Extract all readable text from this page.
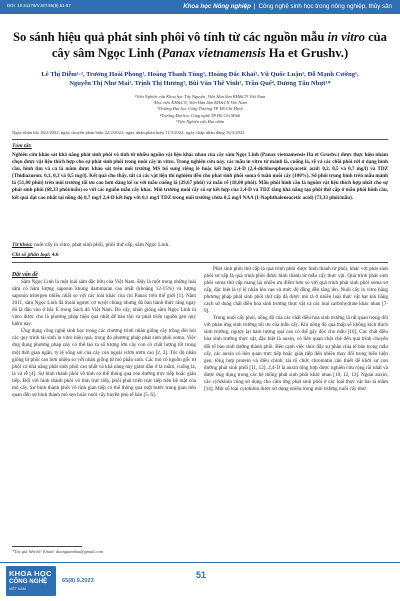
DOI: 10.31276/VJST.65(8).51-57	Khoa học Nông nghiệp | Công nghệ sinh học trong nông nghiệp, thủy sản
So sánh hiệu quả phát sinh phôi vô tính từ các nguồn mẫu in vitro của cây sâm Ngọc Linh (Panax vietnamensis Ha et Grushv.)
Lê Thị Diễm¹·², Trương Hoài Phong¹, Hoàng Thanh Tùng¹, Hoàng Đắc Khải¹, Vũ Quốc Luận¹, Đỗ Mạnh Cường¹,
Nguyễn Thị Như Mai¹, Trịnh Thị Hương¹, Bùi Văn Thế Vinh³, Trần Quế⁴, Dương Tấn Nhựt¹*
¹Viện Nghiên cứu Khoa học Tây Nguyên, Viện Hàn lâm KH&CN Việt Nam
²Học viện KH&CN, Viện Hàn lâm KH&CN Việt Nam
³Trường Đại học Công Thương TP Hồ Chí Minh
⁴Trường Đại học Công nghệ TP Hồ Chí Minh
⁵Viện Nghiên cứu Hạt nhân
Ngày nhận bài 18/2/2022; ngày chuyển phản biện 22/2/2022; ngày nhận phản biện 11/3/2022; ngày chấp nhận đăng 16/3/2022
Tóm tắt:
Nghiên cứu khảo sát khả năng phát sinh phôi vô tính từ nhiều nguồn vật liệu khác nhau của cây sâm Ngọc Linh (Panax vietnamensis Ha et Grushv.) được thực hiện nhằm chọn được vật liệu thích hợp cho sự phát sinh phôi trong nuôi cấy in vitro. Trong nghiên cứu này, các mẫu in vitro từ mảnh lá, cuống lá, rễ và các chồi phôi rời ở dạng hình cầu, hình tim và cả lá mầm được khảo sát trên môi trường MS bổ sung riêng lẻ hoặc kết hợp 2,4-D (2,4-dichlorophenoxyacetic acid: 0,2, 0,5 và 0,7 mg/l) và TDZ (Thidiazuron: 0,1, 0,3 và 0,5 mg/l). Kết quả cho thấy, tất cả các vật liệu thí nghiệm đều cho phát sinh phôi soma 6 tuần nuôi cấy (100%). Số phôi trung bình trên mẫu mảnh lá (51,00 phôi) trên môi trường tối ưu cao hơn đáng kể so với mẫu cuống lá (29,67 phôi) và mẫu rễ (18,00 phôi). Mẫu phôi hình cầu là nguồn vật liệu thích hợp nhất cho sự phát sinh phôi (68,33 phôi/mẫu) so với các nguồn mẫu cấy khác. Môi trường nuôi cấy có sự kết hợp của 2,4-D và TDZ tăng khả năng tạo phôi thứ cấp ở mẫu phôi hình cầu, kết quả đạt cao nhất tại nồng độ 0,7 mg/l 2,4-D kết hợp với 0,1 mg/l TDZ trong môi trường chứa 0,5 mg/l NAA (1-Naphthaleneacetic acid) (73,33 phôi/mẫu).
Từ khóa: nuôi cấy in vitro, phát sinh phôi, phôi thứ cấp, sâm Ngọc Linh.
Chỉ số phân loại: 4.6

Đặt vấn đề

Sâm Ngọc Linh là một loài sâm đặc hữu của Việt Nam. Đây là một trong những loài sâm có hàm lượng saponin khung dammaran cao nhất (khoảng 12-15%) và lượng saponin triterpen nhiều nhất so với các loài khác của chi Panax trên thế giới [1]. Năm 2011, sâm Ngọc Linh đã thoái ngược cơ tuyệt chủng nhưng đã ban hành thức rằng ngày đó là đầu vào ở bắc E trong Sách đỏ Việt Nam. Do vậy, nhân giống sâm Ngọc Linh in vitro được cho là phương pháp hiệu quả nhất để bảo tồn và phát triển nguồn gen quý hiếm này.

Ứng dụng công nghệ sinh học trong các chương trình nhân giống cây trồng đòi hỏi các quy trình tái sinh in vitro hiệu quả, trong đó phương pháp phát sinh phôi soma. Việc ứng dụng phương pháp này có thể tạo ra số lượng lớn cây con có chất lượng tốt trong một thời gian ngắn, tỷ lệ sống sót của cây con ngoài vườn ươm cao [2, 3]. Tốc độ nhân giống từ phôi cao hơn nhiều so với nhân giống từ mô phân sinh. Các mô có nguồn gốc từ phôi có khả năng phát sinh phôi cao nhất và khả năng này giảm dần ở lá mầm, cuống lá, lá và rễ [4]. Sự hình thành phôi vô tính có thể thông qua con đường trực tiếp hoặc gián tiếp. Đối với hình thành phôi vô tính trực tiếp, phôi phát triển trực tiếp trên bề mặt của mô cấy. Sự hình thành phôi vô tính gián tiếp có thể thông qua một bước trung gian liên quan đến sự hình thành mô sẹo hoặc nuôi cấy huyền phù tế bào [5, 6].

Phát sinh phôi thứ cấp là quá trình phôi được hình thành từ phôi, khác với phát sinh phôi sơ cấp là quá trình phôi được hình thành từ mẫu cấy thực vật. Quá trình phát sinh phôi soma thứ cấp mang lại nhiều ưu điểm hơn so với quá trình phát sinh phôi soma sơ cấp, đặc biệt là tỷ lệ nhân lên cao và mức độ đồng đều tăng lên. Nuôi cấy in vitro bằng phương pháp phát sinh phôi thứ cấp đã được mô tả ở nhiều loài thực vật hạt kín bằng cách sử dụng chất điều hoà sinh trưởng thực vật và các loại carbohydrate khác nhau [7-9].

Trong nuôi cấy phôi, nồng độ của các chất điều hòa sinh trưởng là rất quan trọng đối với phản ứng sinh trưởng tối ưu của mẫu cấy. Khi nồng độ quá thấp sẽ không kích thích sinh trưởng, ngược lại hàm lượng quá cao có thể gây độc cho mẫu [10]. Các chất điều hòa sinh trưởng thực vật, đặc biệt là auxin, có liên quan chặt chẽ đến quá trình chuyển đổi tế bào sinh dưỡng thành phôi. Bên cạnh việc thúc đẩy sự phân chia tế bào trong mẫu cấy, các auxin có liên quan trực tiếp hoặc gián tiếp đến nhiều thay đổi trong biểu hiện gen, tổng hợp protein và điều chỉnh, tái tổ chức chromatin cần thiết để khởi sự con đường phát sinh phôi [11, 12]. 2,4-D là auxin tổng hợp được nghiên cứu rộng rãi nhất và được ứng dụng trong các hệ thống phát sinh phôi khác nhau [10, 12, 13]. Ngoài auxin, các cytokinin cũng sử dụng cho cảm ứng phát sinh phôi ở các loài thực vật hai lá mầm [14]. Một số loại cytokinin được sử dụng nhiều trong môi trường nuôi cấy như

*Tác giả liên hệ: Email: duongtannhut@gmail.com
KHOA HỌC
CÔNG NGHỆ
VIỆT NAM
65(8) 9.2023
51
